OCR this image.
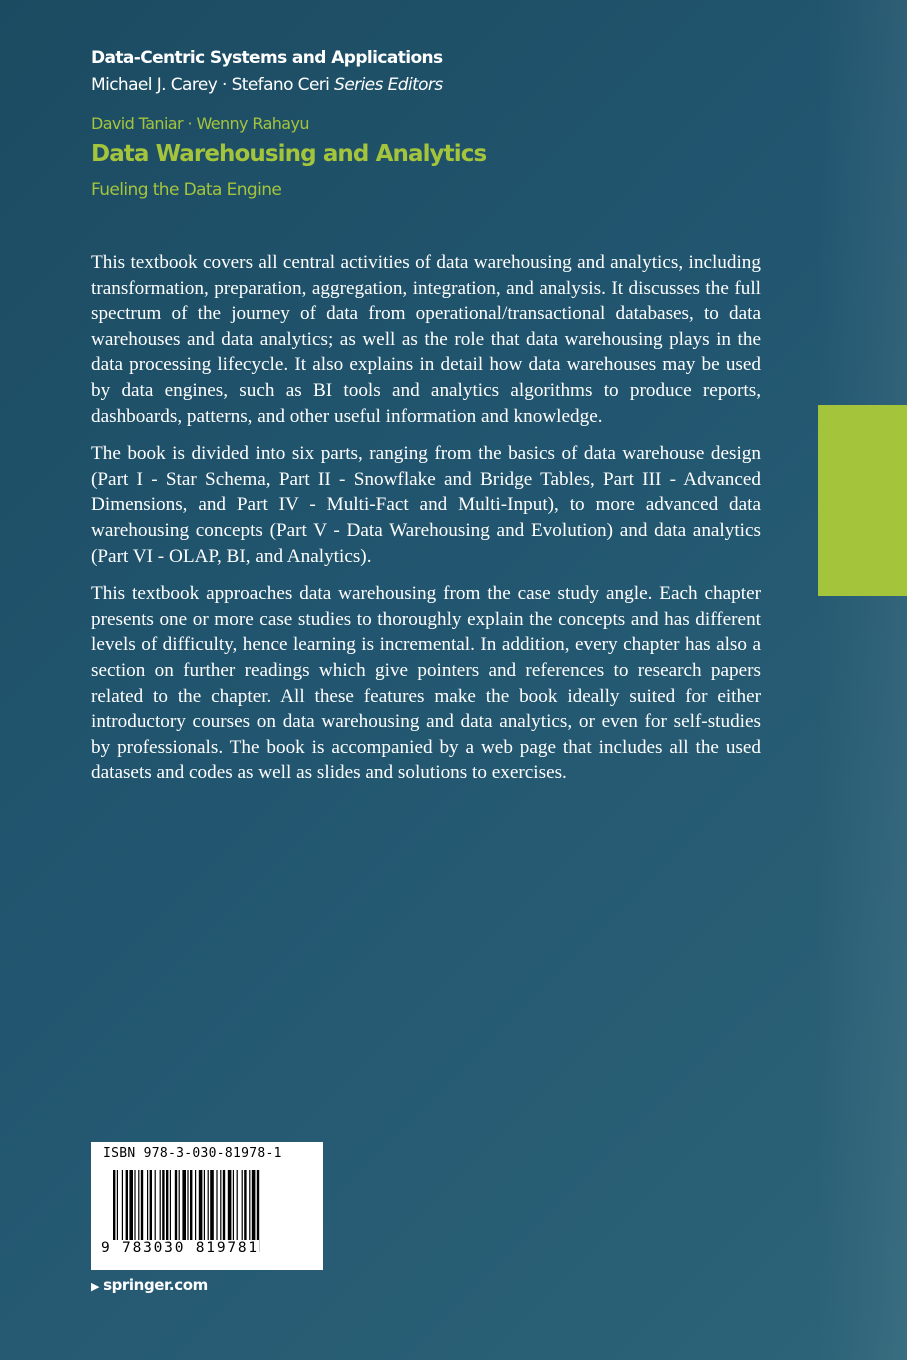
Data-Centric Systems and Applications
Michael J. Carey · Stefano Ceri Series Editors
David Taniar · Wenny Rahayu
Data Warehousing and Analytics
Fueling the Data Engine

This textbook covers all central activities of data warehousing and analytics, including transformation, preparation, aggregation, integration, and analysis. It discusses the full spectrum of the journey of data from operational/transactional databases, to data warehouses and data analytics; as well as the role that data warehousing plays in the data processing lifecycle. It also explains in detail how data warehouses may be used by data engines, such as BI tools and analytics algorithms to produce reports, dashboards, patterns, and other useful information and knowledge.

The book is divided into six parts, ranging from the basics of data warehouse design (Part I - Star Schema, Part II - Snowflake and Bridge Tables, Part III - Advanced Dimensions, and Part IV - Multi-Fact and Multi-Input), to more advanced data warehousing concepts (Part V - Data Warehousing and Evolution) and data analytics (Part VI - OLAP, BI, and Analytics).

This textbook approaches data warehousing from the case study angle. Each chapter presents one or more case studies to thoroughly explain the concepts and has different levels of difficulty, hence learning is incremental. In addition, every chapter has also a section on further readings which give pointers and references to research papers related to the chapter. All these features make the book ideally suited for either introductory courses on data warehousing and data analytics, or even for self-studies by professionals. The book is accompanied by a web page that includes all the used datasets and codes as well as slides and solutions to exercises.

ISBN 978-3-030-81978-1
9 783030 819781
▶ springer.com
